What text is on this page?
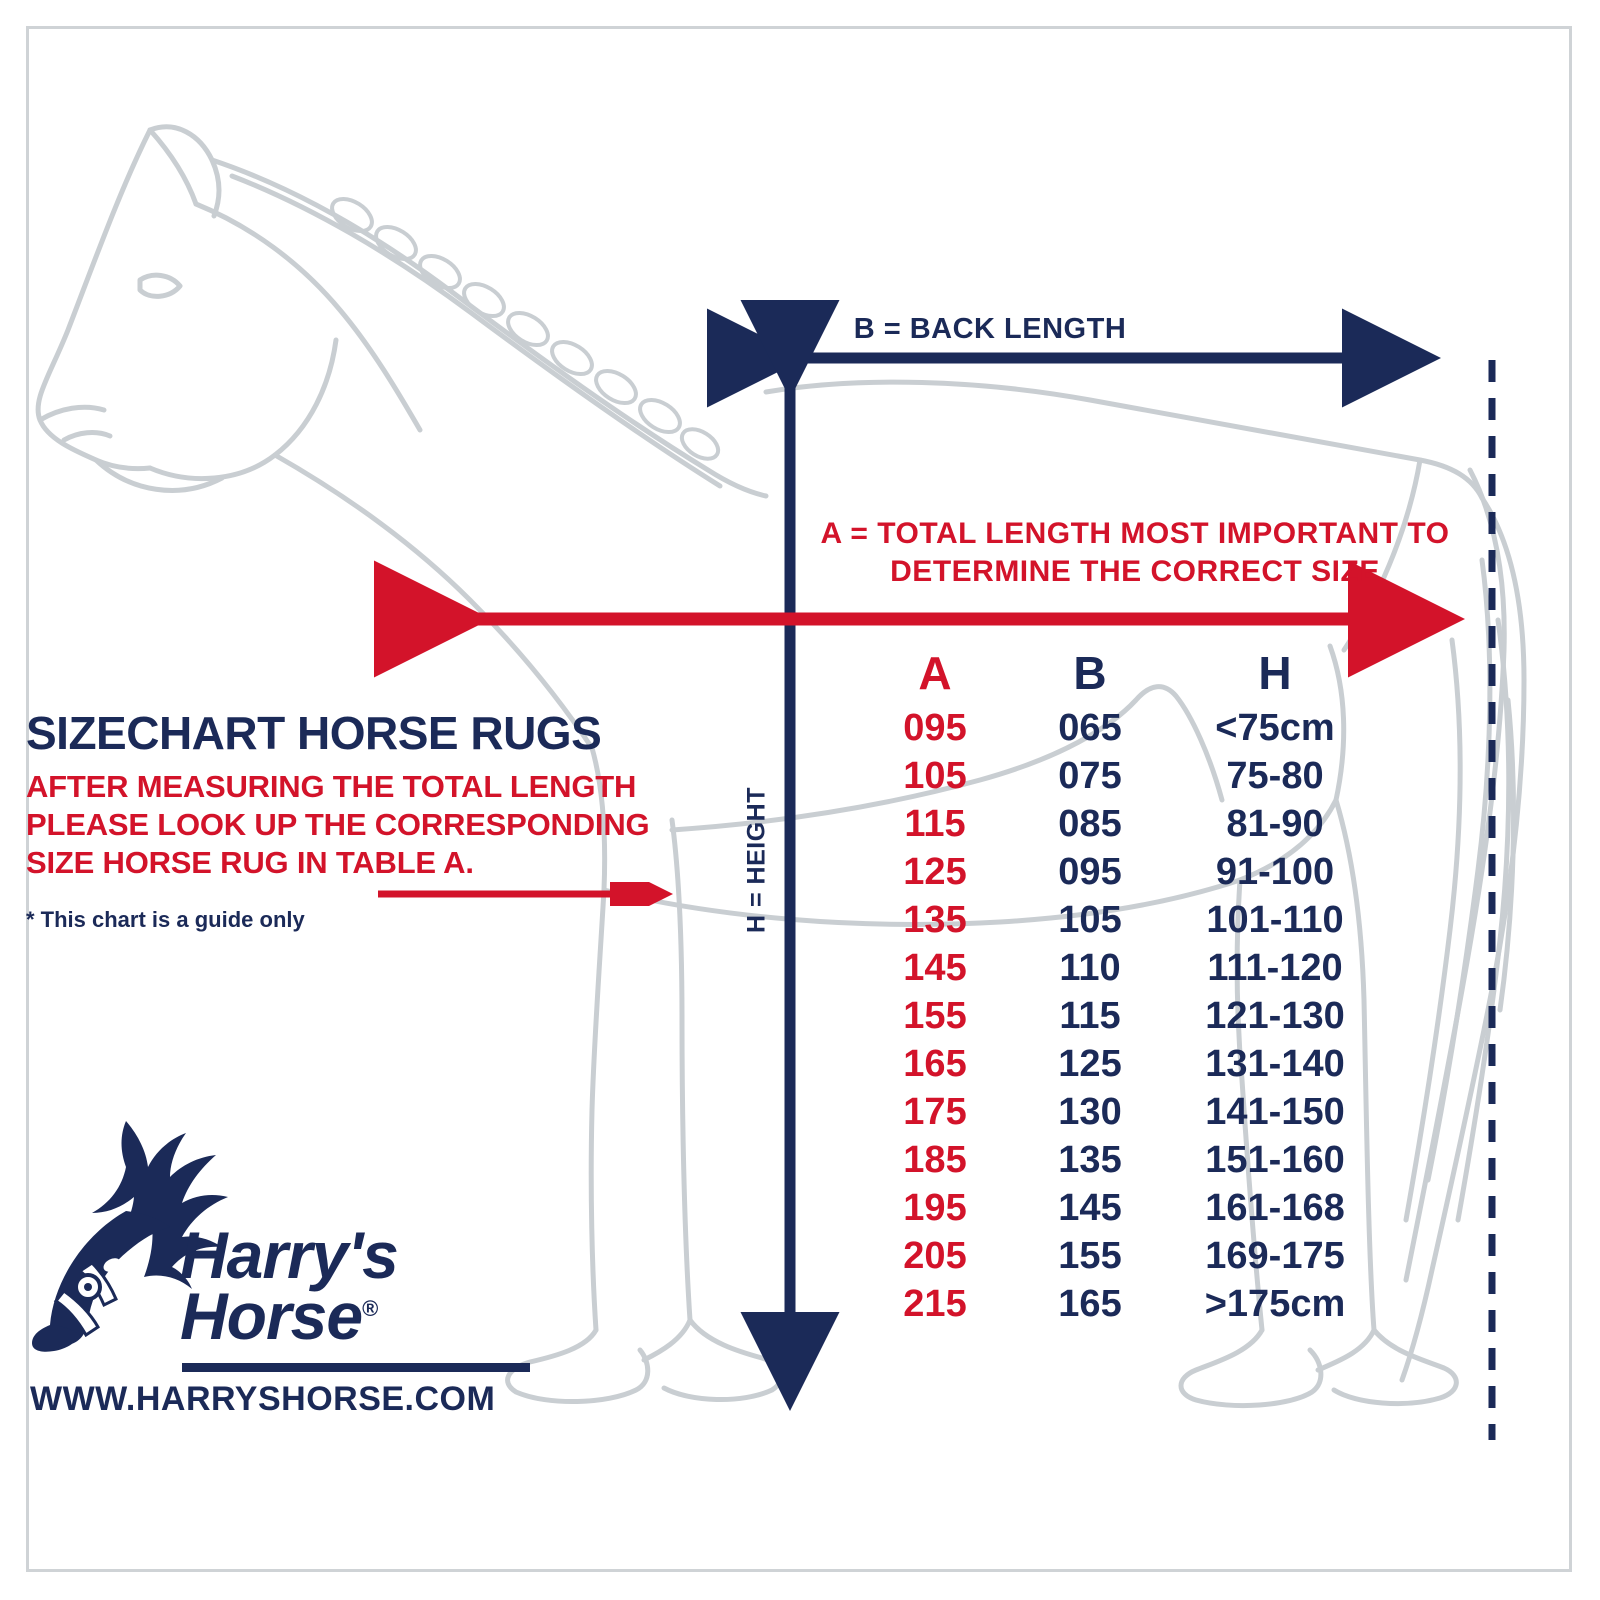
B = BACK LENGTH
A = TOTAL LENGTH MOST IMPORTANT TO DETERMINE THE CORRECT SIZE
H = HEIGHT
SIZECHART HORSE RUGS
AFTER MEASURING THE TOTAL LENGTH
PLEASE LOOK UP THE CORRESPONDING
SIZE HORSE RUG IN TABLE A.
* This chart is a guide only
A	B	H
095	065	<75cm
105	075	75-80
115	085	81-90
125	095	91-100
135	105	101-110
145	110	111-120
155	115	121-130
165	125	131-140
175	130	141-150
185	135	151-160
195	145	161-168
205	155	169-175
215	165	>175cm
Harry's
Horse®
WWW.HARRYSHORSE.COM
